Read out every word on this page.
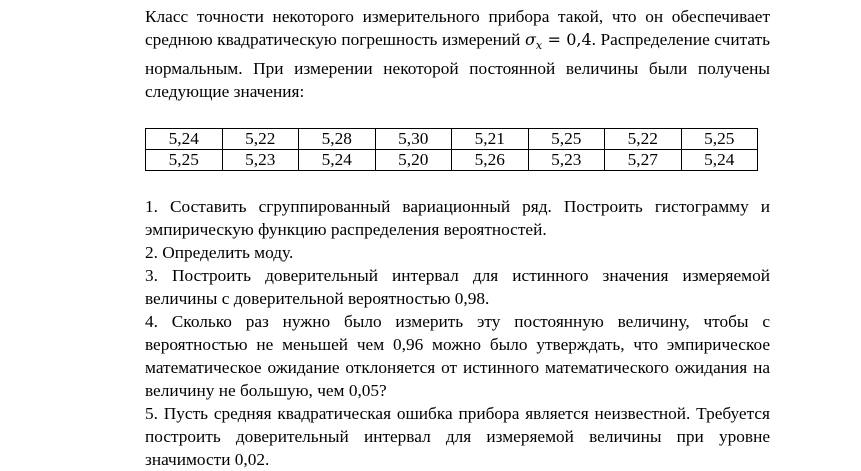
Класс точности некоторого измерительного прибора такой, что он обеспечивает среднюю квадратическую погрешность измерений $\sigma_x = 0,4$. Распределение считать нормальным. При измерении некоторой постоянной величины были получены следующие значения:

5,24	5,22	5,28	5,30	5,21	5,25	5,22	5,25
5,25	5,23	5,24	5,20	5,26	5,23	5,27	5,24

1. Составить сгруппированный вариационный ряд. Построить гистограмму и эмпирическую функцию распределения вероятностей.

2. Определить моду.

3. Построить доверительный интервал для истинного значения измеряемой величины с доверительной вероятностью 0,98.

4. Сколько раз нужно было измерить эту постоянную величину, чтобы с вероятностью не меньшей чем 0,96 можно было утверждать, что эмпирическое математическое ожидание отклоняется от истинного математического ожидания на величину не большую, чем 0,05?

5. Пусть средняя квадратическая ошибка прибора является неизвестной. Требуется построить доверительный интервал для измеряемой величины при уровне значимости 0,02.
